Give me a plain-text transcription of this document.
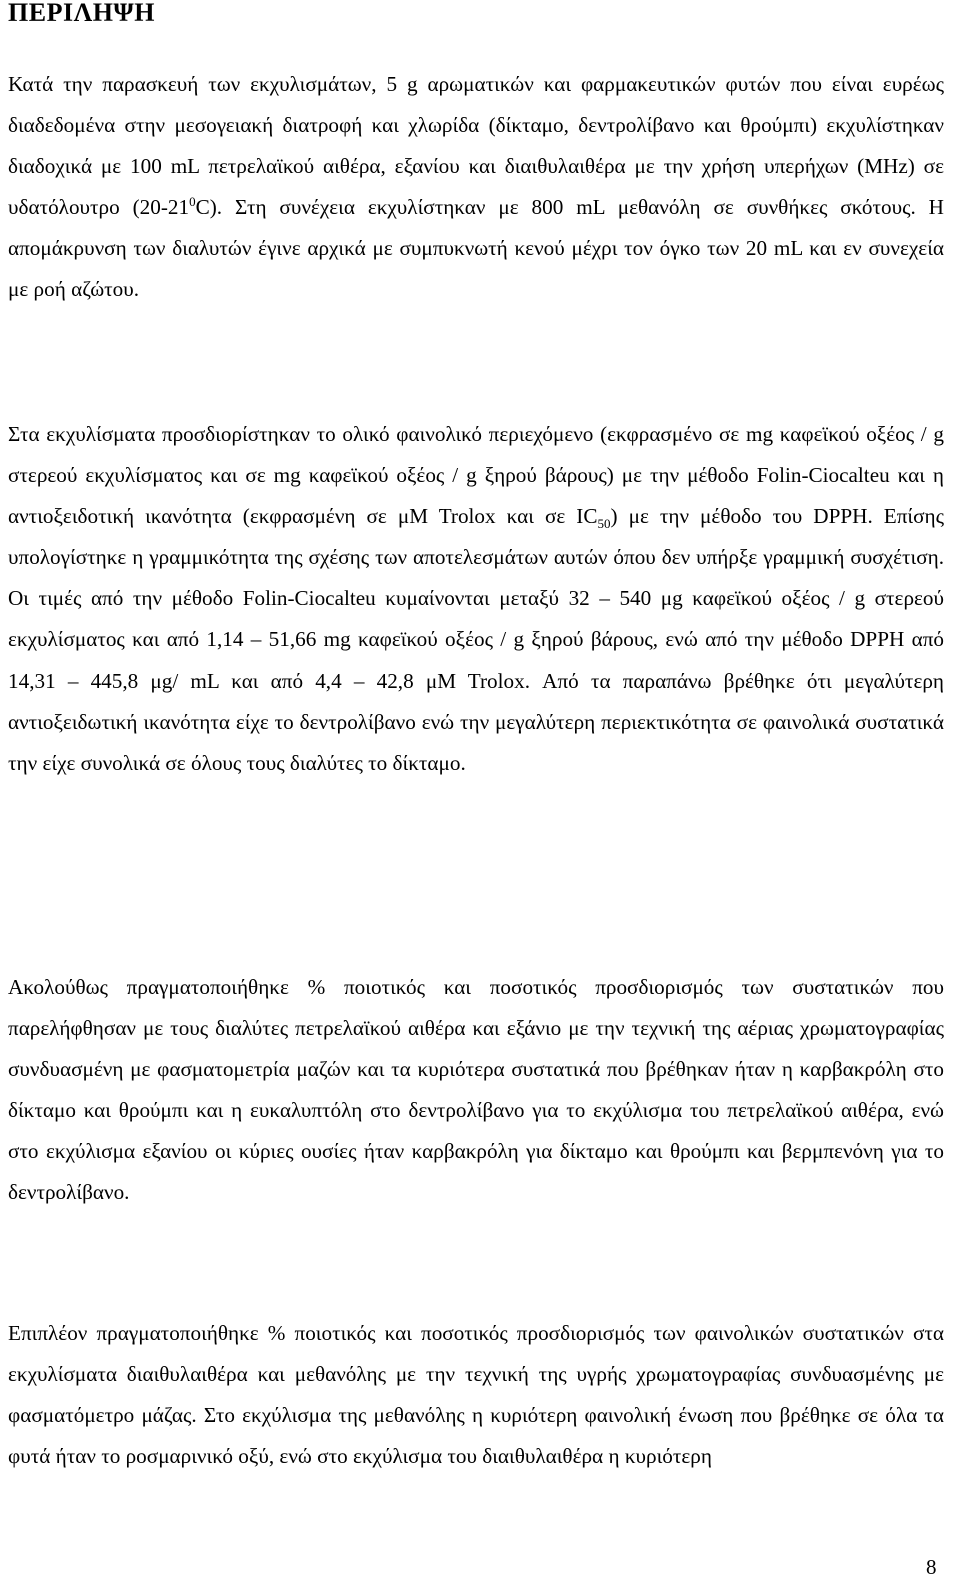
ΠΕΡΙΛΗΨΗ

Κατά την παρασκευή των εκχυλισμάτων, 5 g αρωματικών και φαρμακευτικών φυτών που είναι ευρέως διαδεδομένα στην μεσογειακή διατροφή και χλωρίδα (δίκταμο, δεντρολίβανο και θρούμπι) εκχυλίστηκαν διαδοχικά με 100 mL πετρελαϊκού αιθέρα, εξανίου και διαιθυλαιθέρα με την χρήση υπερήχων (MHz) σε υδατόλουτρο $(20-21^0C)$. Στη συνέχεια εκχυλίστηκαν με 800 mL μεθανόλη σε συνθήκες σκότους. Η απομάκρυνση των διαλυτών έγινε αρχικά με συμπυκνωτή κενού μέχρι τον όγκο των 20 mL και εν συνεχεία με ροή αζώτου.

Στα εκχυλίσματα προσδιορίστηκαν το ολικό φαινολικό περιεχόμενο (εκφρασμένο σε mg καφεϊκού οξέος / g στερεού εκχυλίσματος και σε mg καφεϊκού οξέος / g ξηρού βάρους) με την μέθοδο Folin-Ciocalteu και η αντιοξειδοτική ικανότητα (εκφρασμένη σε μM Trolox και σε $IC_{50}$) με την μέθοδο του DPPH. Επίσης υπολογίστηκε η γραμμικότητα της σχέσης των αποτελεσμάτων αυτών όπου δεν υπήρξε γραμμική συσχέτιση. Οι τιμές από την μέθοδο Folin-Ciocalteu κυμαίνονται μεταξύ 32 – 540 μg καφεϊκού οξέος / g στερεού εκχυλίσματος και από 1,14 – 51,66 mg καφεϊκού οξέος / g ξηρού βάρους, ενώ από την μέθοδο DPPH από 14,31 – 445,8 μg/ mL και από 4,4 – 42,8 μM Trolox. Από τα παραπάνω βρέθηκε ότι μεγαλύτερη αντιοξειδωτική ικανότητα είχε το δεντρολίβανο ενώ την μεγαλύτερη περιεκτικότητα σε φαινολικά συστατικά την είχε συνολικά σε όλους τους διαλύτες το δίκταμο.

Ακολούθως πραγματοποιήθηκε % ποιοτικός και ποσοτικός προσδιορισμός των συστατικών που παρελήφθησαν με τους διαλύτες πετρελαϊκού αιθέρα και εξάνιο με την τεχνική της αέριας χρωματογραφίας συνδυασμένη με φασματομετρία μαζών και τα κυριότερα συστατικά που βρέθηκαν ήταν η καρβακρόλη στο δίκταμο και θρούμπι και η ευκαλυπτόλη στο δεντρολίβανο για το εκχύλισμα του πετρελαϊκού αιθέρα, ενώ στο εκχύλισμα εξανίου οι κύριες ουσίες ήταν καρβακρόλη για δίκταμο και θρούμπι και βερμπενόνη για το δεντρολίβανο.

Επιπλέον πραγματοποιήθηκε % ποιοτικός και ποσοτικός προσδιορισμός των φαινολικών συστατικών στα εκχυλίσματα διαιθυλαιθέρα και μεθανόλης με την τεχνική της υγρής χρωματογραφίας συνδυασμένης με φασματόμετρο μάζας. Στο εκχύλισμα της μεθανόλης η κυριότερη φαινολική ένωση που βρέθηκε σε όλα τα φυτά ήταν το ροσμαρινικό οξύ, ενώ στο εκχύλισμα του διαιθυλαιθέρα η κυριότερη

8
